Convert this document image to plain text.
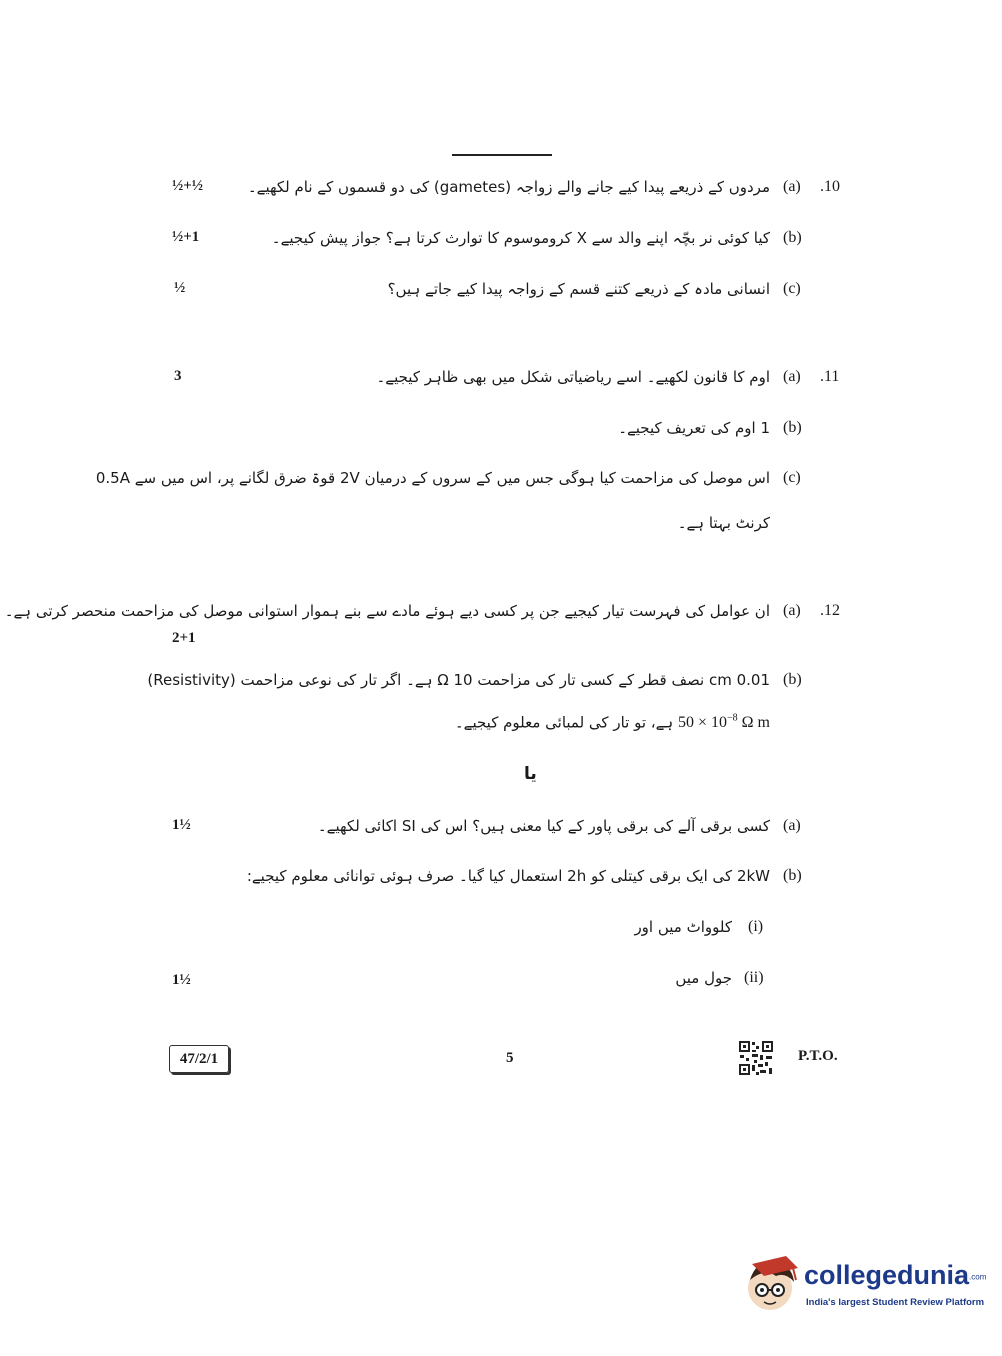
.10
(a)
مردوں کے ذریعے پیدا کیے جانے والے زواجہ (gametes) کی دو قسموں کے نام لکھیے۔
½+½
(b)
کیا کوئی نر بچّہ اپنے والد سے X کروموسوم کا توارث کرتا ہے؟ جواز پیش کیجیے۔
½+1
(c)
انسانی مادہ کے ذریعے کتنے قسم کے زواجہ پیدا کیے جاتے ہیں؟
½
.11
3	(a)
اوم کا قانون لکھیے۔ اسے ریاضیاتی شکل میں بھی ظاہر کیجیے۔
(b)
1 اوم کی تعریف کیجیے۔
(c)
اس موصل کی مزاحمت کیا ہوگی جس میں کے سروں کے درمیان 2V قوۃ ضرق لگانے پر، اس میں سے 0.5A
کرنٹ بہتا ہے۔
.12
(a)
ان عوامل کی فہرست تیار کیجیے جن پر کسی دیے ہوئے مادے سے بنے ہموار استوانی موصل کی مزاحمت منحصر کرتی ہے۔
2+1
(b)
0.01 cm نصف قطر کے کسی تار کی مزاحمت 10 Ω ہے۔ اگر تار کی نوعی مزاحمت (Resistivity)
$50 \times 10^{-8}$ Ω m ہے، تو تار کی لمبائی معلوم کیجیے۔
یا
(a)
کسی برقی آلے کی برقی پاور کے کیا معنی ہیں؟ اس کی SI اکائی لکھیے۔
1½
(b)
2kW کی ایک برقی کیتلی کو 2h استعمال کیا گیا۔ صرف ہوئی توانائی معلوم کیجیے:
(i)
کلوواٹ میں اور
(ii)
جول میں
1½
47/2/1	5	P.T.O.
collegedunia.com
India's largest Student Review Platform
